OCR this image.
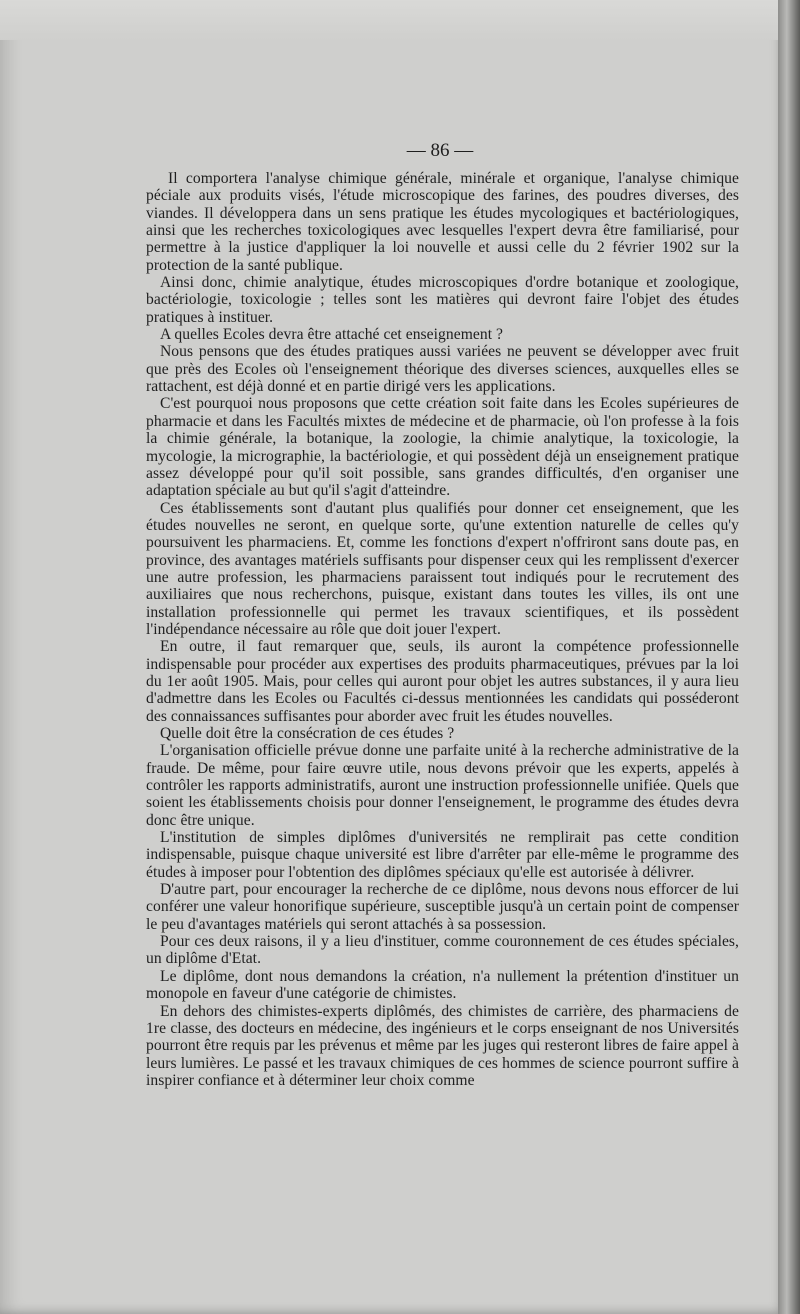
— 86 —

Il comportera l'analyse chimique générale, minérale et organique, l'analyse chimique péciale aux produits visés, l'étude microscopique des farines, des poudres diverses, des viandes. Il développera dans un sens pratique les études mycologiques et bactériologiques, ainsi que les recherches toxicologiques avec lesquelles l'expert devra être familiarisé, pour permettre à la justice d'appliquer la loi nouvelle et aussi celle du 2 février 1902 sur la protection de la santé publique.

Ainsi donc, chimie analytique, études microscopiques d'ordre botanique et zoologique, bactériologie, toxicologie ; telles sont les matières qui devront faire l'objet des études pratiques à instituer.

A quelles Ecoles devra être attaché cet enseignement ?

Nous pensons que des études pratiques aussi variées ne peuvent se développer avec fruit que près des Ecoles où l'enseignement théorique des diverses sciences, auxquelles elles se rattachent, est déjà donné et en partie dirigé vers les applications.

C'est pourquoi nous proposons que cette création soit faite dans les Ecoles supérieures de pharmacie et dans les Facultés mixtes de médecine et de pharmacie, où l'on professe à la fois la chimie générale, la botanique, la zoologie, la chimie analytique, la toxicologie, la mycologie, la micrographie, la bactériologie, et qui possèdent déjà un enseignement pratique assez développé pour qu'il soit possible, sans grandes difficultés, d'en organiser une adaptation spéciale au but qu'il s'agit d'atteindre.

Ces établissements sont d'autant plus qualifiés pour donner cet enseignement, que les études nouvelles ne seront, en quelque sorte, qu'une extention naturelle de celles qu'y poursuivent les pharmaciens. Et, comme les fonctions d'expert n'offriront sans doute pas, en province, des avantages matériels suffisants pour dispenser ceux qui les remplissent d'exercer une autre profession, les pharmaciens paraissent tout indiqués pour le recrutement des auxiliaires que nous recherchons, puisque, existant dans toutes les villes, ils ont une installation professionnelle qui permet les travaux scientifiques, et ils possèdent l'indépendance nécessaire au rôle que doit jouer l'expert.

En outre, il faut remarquer que, seuls, ils auront la compétence professionnelle indispensable pour procéder aux expertises des produits pharmaceutiques, prévues par la loi du 1er août 1905. Mais, pour celles qui auront pour objet les autres substances, il y aura lieu d'admettre dans les Ecoles ou Facultés ci-dessus mentionnées les candidats qui posséderont des connaissances suffisantes pour aborder avec fruit les études nouvelles.

Quelle doit être la consécration de ces études ?

L'organisation officielle prévue donne une parfaite unité à la recherche administrative de la fraude. De même, pour faire œuvre utile, nous devons prévoir que les experts, appelés à contrôler les rapports administratifs, auront une instruction professionnelle unifiée. Quels que soient les établissements choisis pour donner l'enseignement, le programme des études devra donc être unique.

L'institution de simples diplômes d'universités ne remplirait pas cette condition indispensable, puisque chaque université est libre d'arrêter par elle-même le programme des études à imposer pour l'obtention des diplômes spéciaux qu'elle est autorisée à délivrer.

D'autre part, pour encourager la recherche de ce diplôme, nous devons nous efforcer de lui conférer une valeur honorifique supérieure, susceptible jusqu'à un certain point de compenser le peu d'avantages matériels qui seront attachés à sa possession.

Pour ces deux raisons, il y a lieu d'instituer, comme couronnement de ces études spéciales, un diplôme d'Etat.

Le diplôme, dont nous demandons la création, n'a nullement la prétention d'instituer un monopole en faveur d'une catégorie de chimistes.

En dehors des chimistes-experts diplômés, des chimistes de carrière, des pharmaciens de 1re classe, des docteurs en médecine, des ingénieurs et le corps enseignant de nos Universités pourront être requis par les prévenus et même par les juges qui resteront libres de faire appel à leurs lumières. Le passé et les travaux chimiques de ces hommes de science pourront suffire à inspirer confiance et à déterminer leur choix comme
